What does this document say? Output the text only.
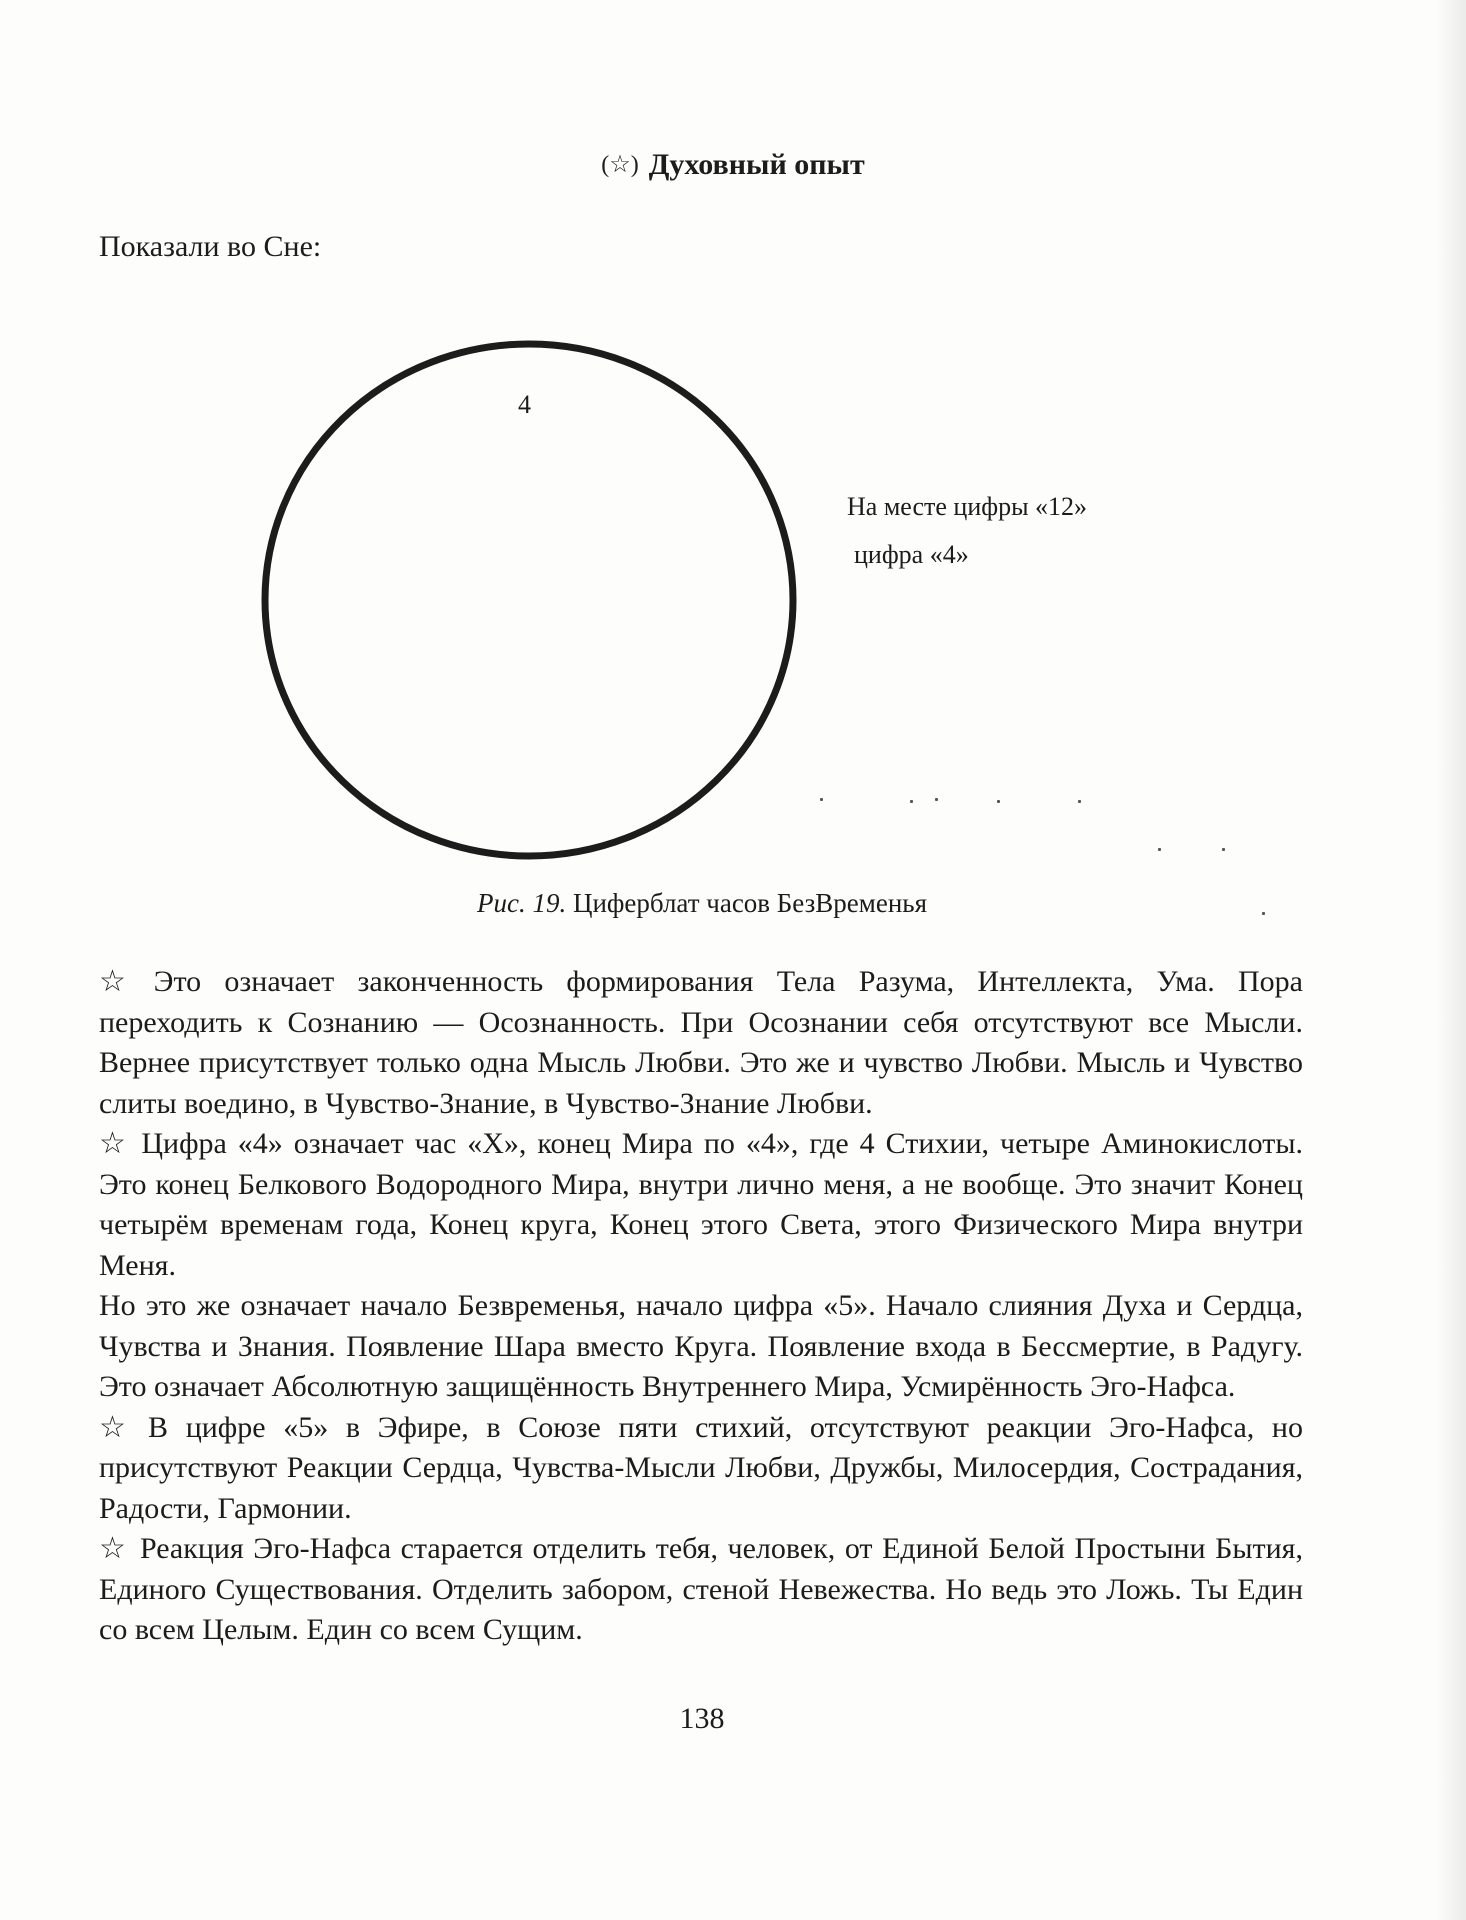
(☆) Духовный опыт
Показали во Сне:
4
На месте цифры «12»
цифра «4»
Рис. 19. Циферблат часов БезВременья

☆ Это означает законченность формирования Тела Разума, Интеллекта, Ума. Пора переходить к Сознанию — Осознанность. При Осознании себя отсутствуют все Мысли. Вернее присутствует только одна Мысль Любви. Это же и чувство Любви. Мысль и Чувство слиты воедино, в Чувство-Знание, в Чувство-Знание Любви.

☆ Цифра «4» означает час «Х», конец Мира по «4», где 4 Стихии, четыре Аминокислоты. Это конец Белкового Водородного Мира, внутри лично меня, а не вообще. Это значит Конец четырём временам года, Конец круга, Конец этого Света, этого Физического Мира внутри Меня.

Но это же означает начало Безвременья, начало цифра «5». Начало слияния Духа и Сердца, Чувства и Знания. Появление Шара вместо Круга. Появление входа в Бессмертие, в Радугу. Это означает Абсолютную защищённость Внутреннего Мира, Усмирённость Эго-Нафса.

☆ В цифре «5» в Эфире, в Союзе пяти стихий, отсутствуют реакции Эго-Нафса, но присутствуют Реакции Сердца, Чувства-Мысли Любви, Дружбы, Милосердия, Сострадания, Радости, Гармонии.

☆ Реакция Эго-Нафса старается отделить тебя, человек, от Единой Белой Простыни Бытия, Единого Существования. Отделить забором, стеной Невежества. Но ведь это Ложь. Ты Един со всем Целым. Един со всем Сущим.

138
